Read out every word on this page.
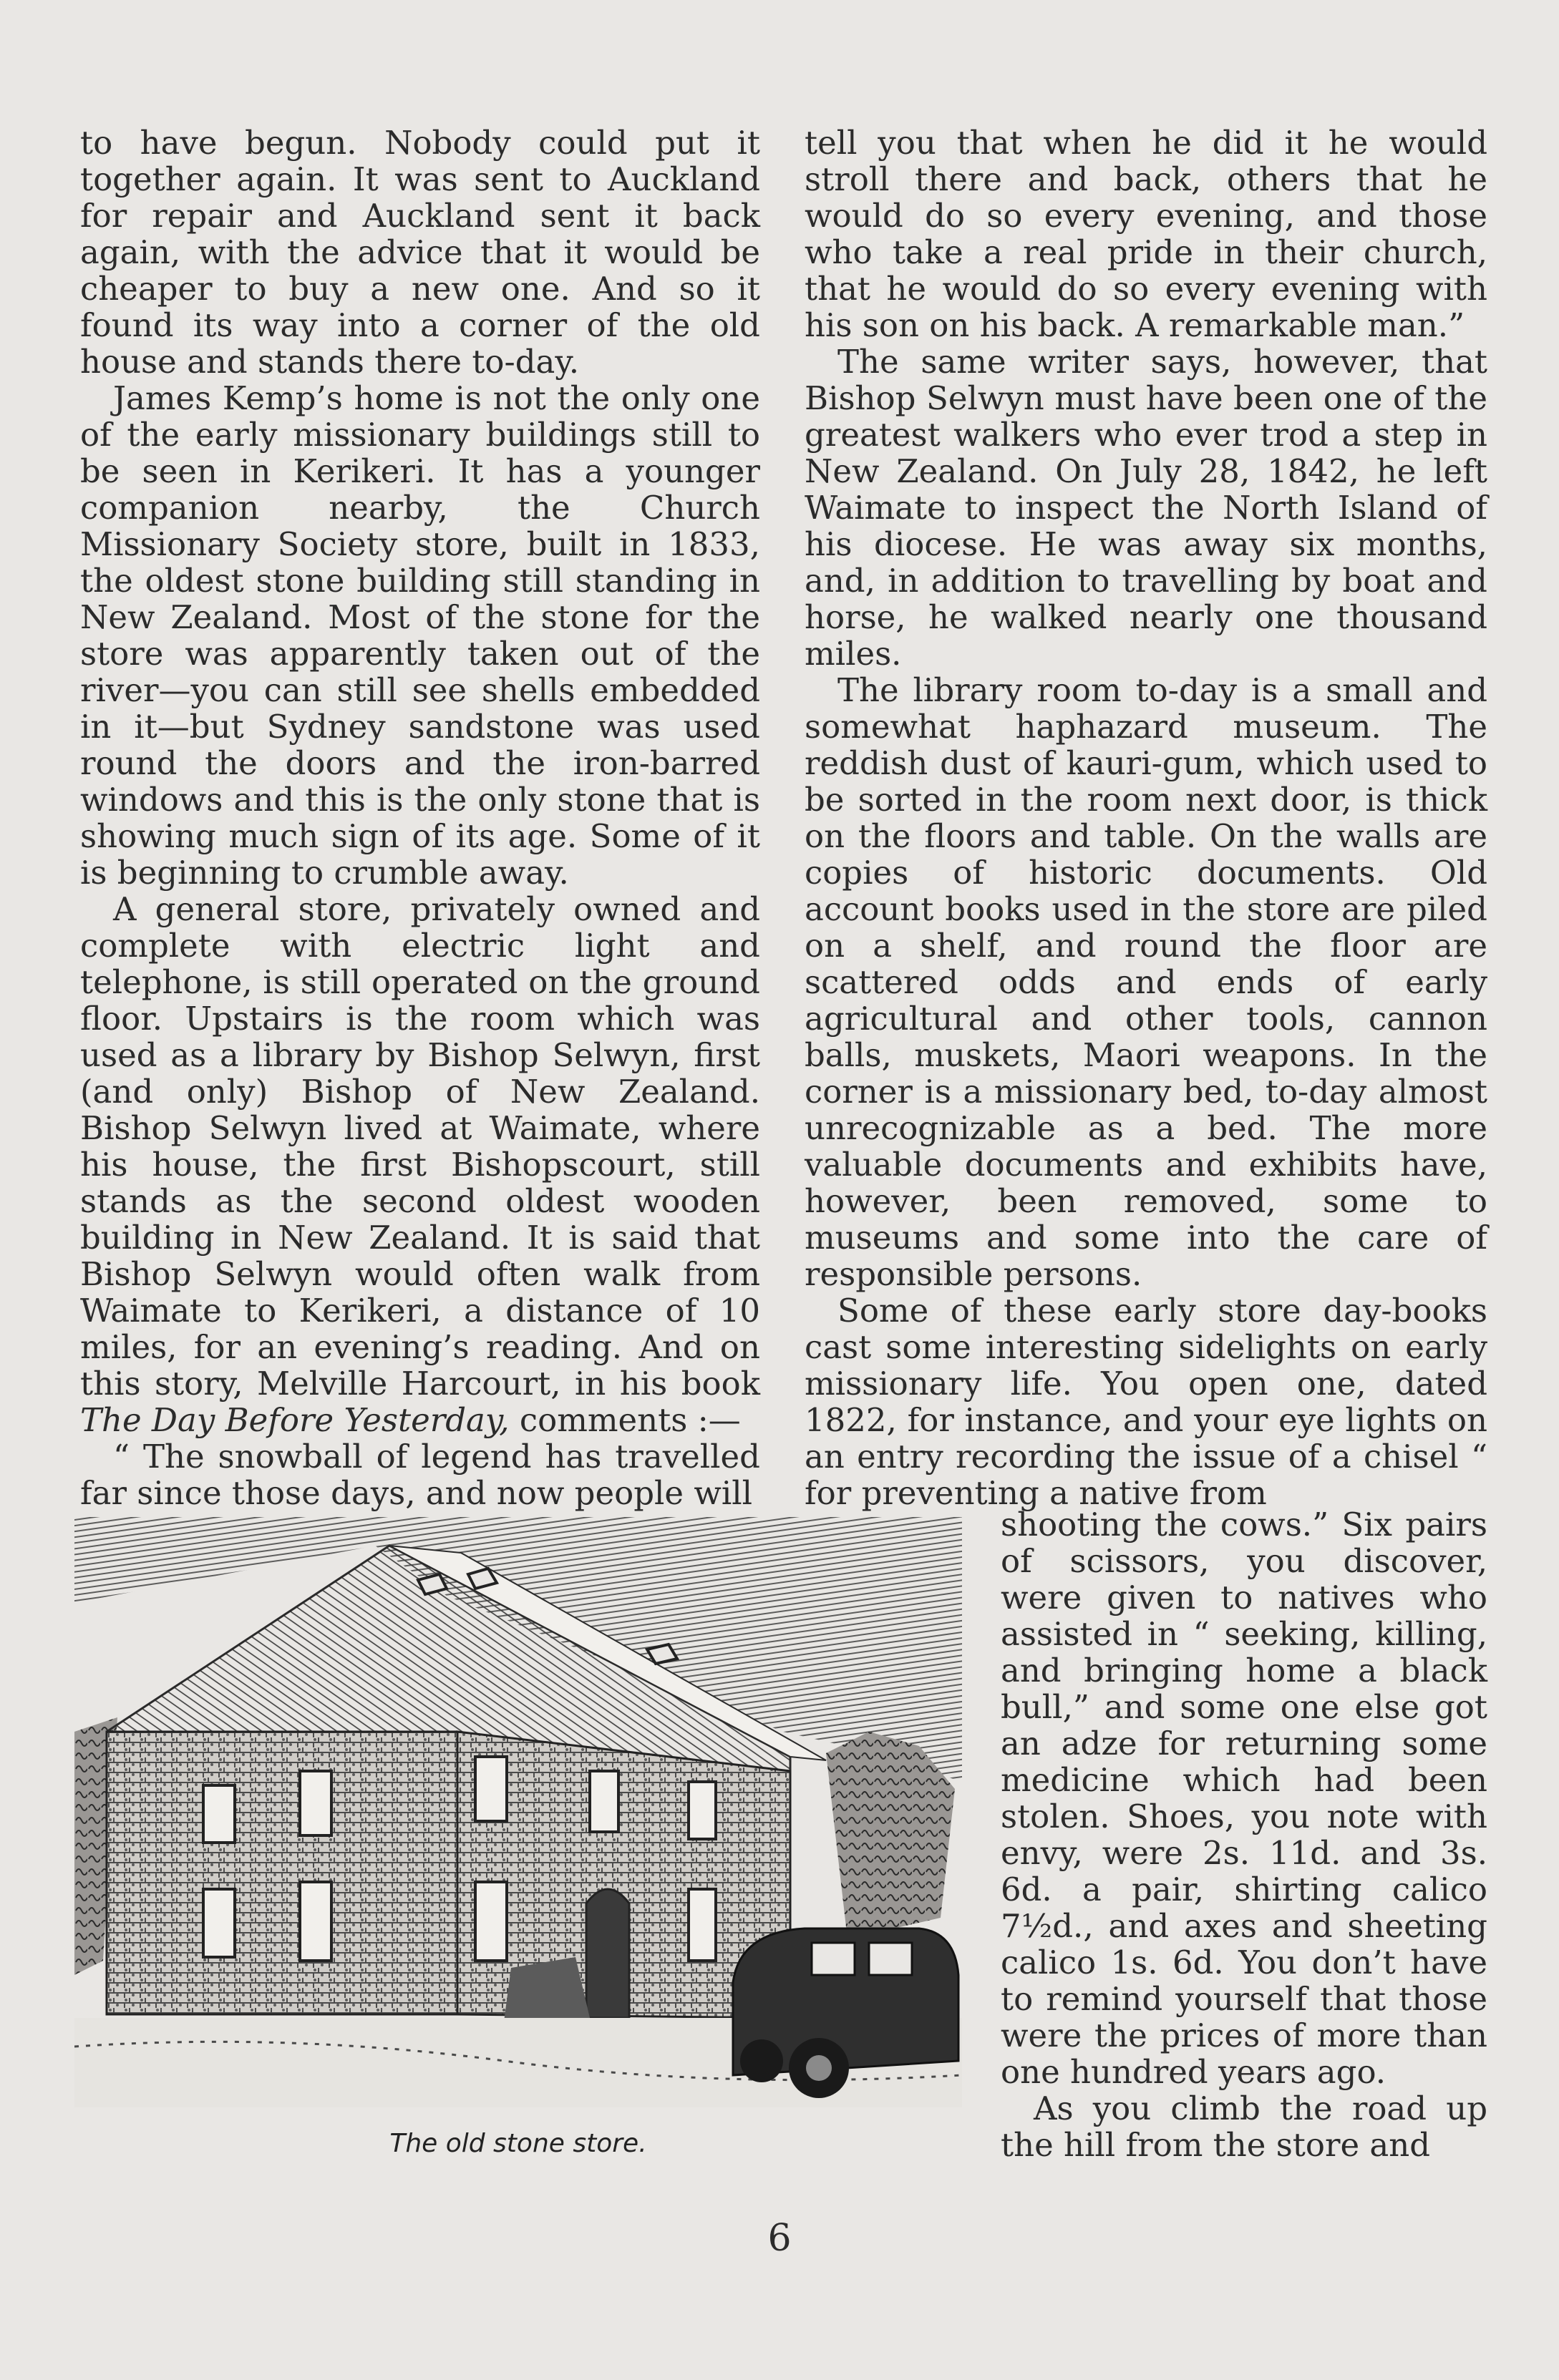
to have begun. Nobody could put it together again. It was sent to Auckland for repair and Auckland sent it back again, with the advice that it would be cheaper to buy a new one. And so it found its way into a corner of the old house and stands there to-day.

James Kemp’s home is not the only one of the early missionary buildings still to be seen in Kerikeri. It has a younger companion nearby, the Church Missionary Society store, built in 1833, the oldest stone building still standing in New Zealand. Most of the stone for the store was apparently taken out of the river—you can still see shells embedded in it—but Sydney sandstone was used round the doors and the iron-barred windows and this is the only stone that is showing much sign of its age. Some of it is beginning to crumble away.

A general store, privately owned and complete with electric light and telephone, is still operated on the ground floor. Upstairs is the room which was used as a library by Bishop Selwyn, first (and only) Bishop of New Zealand. Bishop Selwyn lived at Waimate, where his house, the first Bishopscourt, still stands as the second oldest wooden building in New Zealand. It is said that Bishop Selwyn would often walk from Waimate to Kerikeri, a distance of 10 miles, for an evening’s reading. And on this story, Melville Harcourt, in his book The Day Before Yesterday, comments :—

“ The snowball of legend has travelled far since those days, and now people will

tell you that when he did it he would stroll there and back, others that he would do so every evening, and those who take a real pride in their church, that he would do so every evening with his son on his back. A remarkable man.”

The same writer says, however, that Bishop Selwyn must have been one of the greatest walkers who ever trod a step in New Zealand. On July 28, 1842, he left Waimate to inspect the North Island of his diocese. He was away six months, and, in addition to travelling by boat and horse, he walked nearly one thousand miles.

The library room to-day is a small and somewhat haphazard museum. The reddish dust of kauri-gum, which used to be sorted in the room next door, is thick on the floors and table. On the walls are copies of historic documents. Old account books used in the store are piled on a shelf, and round the floor are scattered odds and ends of early agricultural and other tools, cannon balls, muskets, Maori weapons. In the corner is a missionary bed, to-day almost unrecognizable as a bed. The more valuable documents and exhibits have, however, been removed, some to museums and some into the care of responsible persons.

Some of these early store day-books cast some interesting sidelights on early missionary life. You open one, dated 1822, for instance, and your eye lights on an entry recording the issue of a chisel “ for preventing a native from

shooting the cows.” Six pairs of scissors, you discover, were given to natives who assisted in “ seeking, killing, and bringing home a black bull,” and some one else got an adze for returning some medicine which had been stolen. Shoes, you note with envy, were 2s. 11d. and 3s. 6d. a pair, shirting calico 7½d., and axes and sheeting calico 1s. 6d. You don’t have to remind yourself that those were the prices of more than one hundred years ago.

As you climb the road up the hill from the store and

The old stone store.
6
